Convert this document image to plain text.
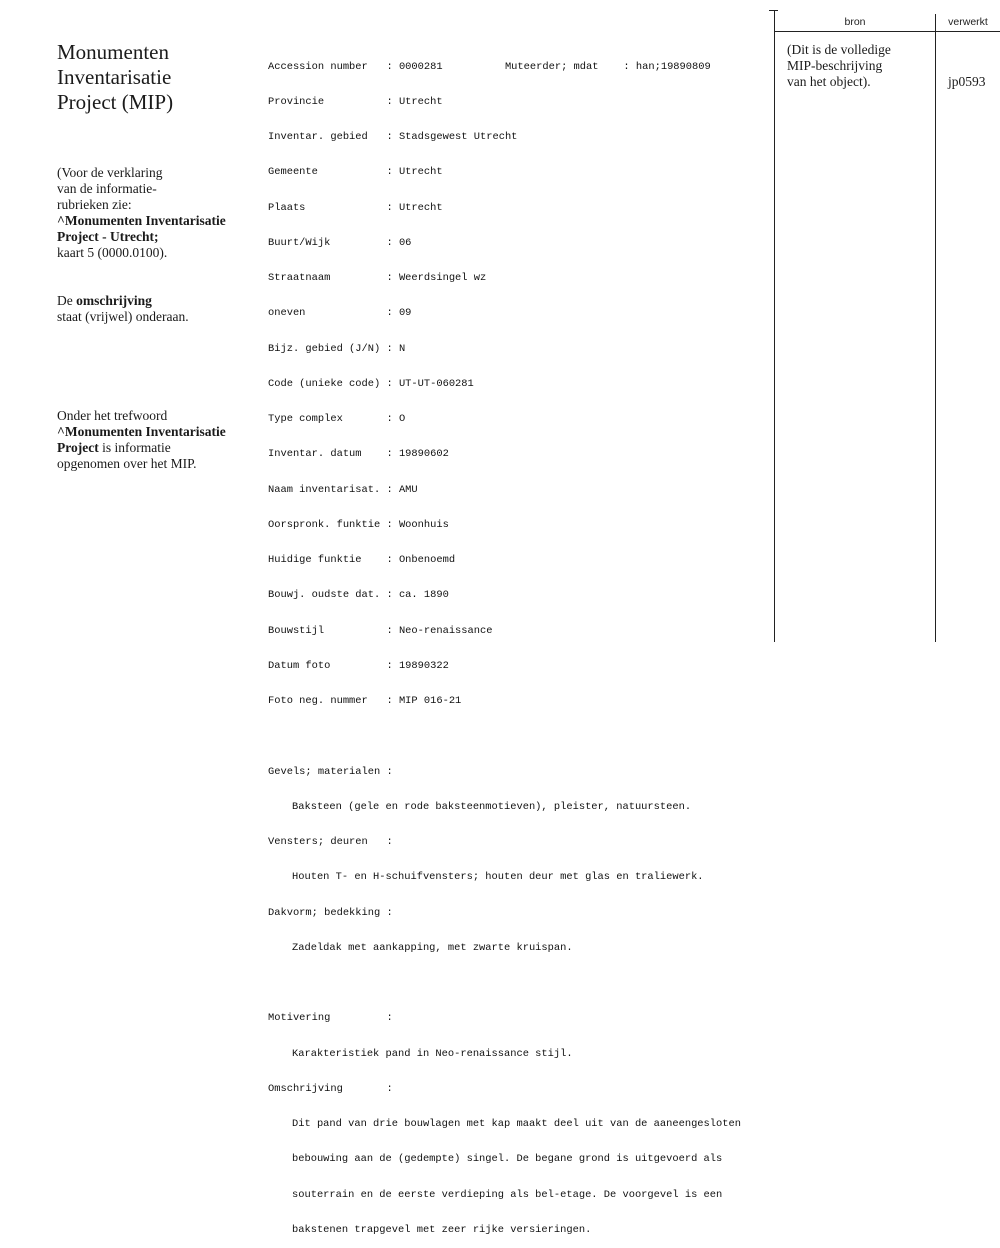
Monumenten
Inventarisatie
Project (MIP)
(Voor de verklaring
van de informatie-
rubrieken zie:
^Monumenten Inventarisatie
Project - Utrecht;
kaart 5 (0000.0100).
De omschrijving
staat (vrijwel) onderaan.
Onder het trefwoord
^Monumenten Inventarisatie
Project is informatie
opgenomen over het MIP.

Accession number   : 0000281          Muteerder; mdat    : han;19890809

Provincie          : Utrecht

Inventar. gebied   : Stadsgewest Utrecht

Gemeente           : Utrecht

Plaats             : Utrecht

Buurt/Wijk         : 06

Straatnaam         : Weerdsingel wz

oneven             : 09

Bijz. gebied (J/N) : N

Code (unieke code) : UT-UT-060281

Type complex       : O

Inventar. datum    : 19890602

Naam inventarisat. : AMU

Oorspronk. funktie : Woonhuis

Huidige funktie    : Onbenoemd

Bouwj. oudste dat. : ca. 1890

Bouwstijl          : Neo-renaissance

Datum foto         : 19890322

Foto neg. nummer   : MIP 016-21

Gevels; materialen :

Baksteen (gele en rode baksteenmotieven), pleister, natuursteen.

Vensters; deuren   :

Houten T- en H-schuifvensters; houten deur met glas en traliewerk.

Dakvorm; bedekking :

Zadeldak met aankapping, met zwarte kruispan.

Motivering         :

Karakteristiek pand in Neo-renaissance stijl.

Omschrijving       :

Dit pand van drie bouwlagen met kap maakt deel uit van de aaneengesloten

bebouwing aan de (gedempte) singel. De begane grond is uitgevoerd als

souterrain en de eerste verdieping als bel-etage. De voorgevel is een

bakstenen trapgevel met zeer rijke versieringen.

bron	verwerkt
(Dit is de volledige
MIP-beschrijving
van het object).	jp0593
